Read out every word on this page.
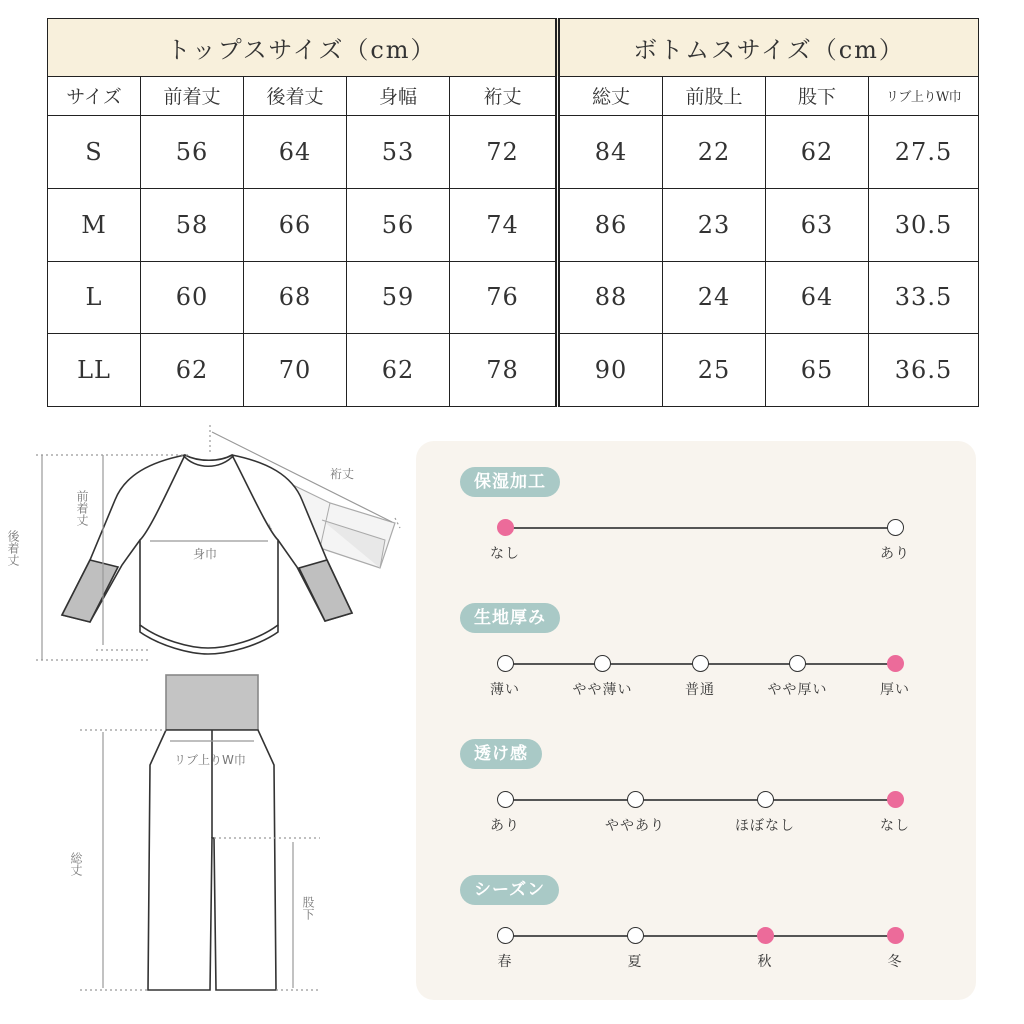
トップスサイズ（cm）					ボトムスサイズ（cm）			
サイズ	前着丈	後着丈	身幅	裄丈	総丈	前股上	股下	リブ上りW巾
S	56	64	53	72	84	22	62	27.5
M	58	66	56	74	86	23	63	30.5
L	60	68	59	76	88	24	64	33.5
LL	62	70	62	78	90	25	65	36.5
後着丈
前着丈
裄丈
身巾
リブ上りW巾
総丈
股下
保湿加工
なし	あり
生地厚み
薄い	やや薄い	普通	やや厚い	厚い
透け感
あり	ややあり	ほぼなし	なし
シーズン
春	夏	秋	冬
